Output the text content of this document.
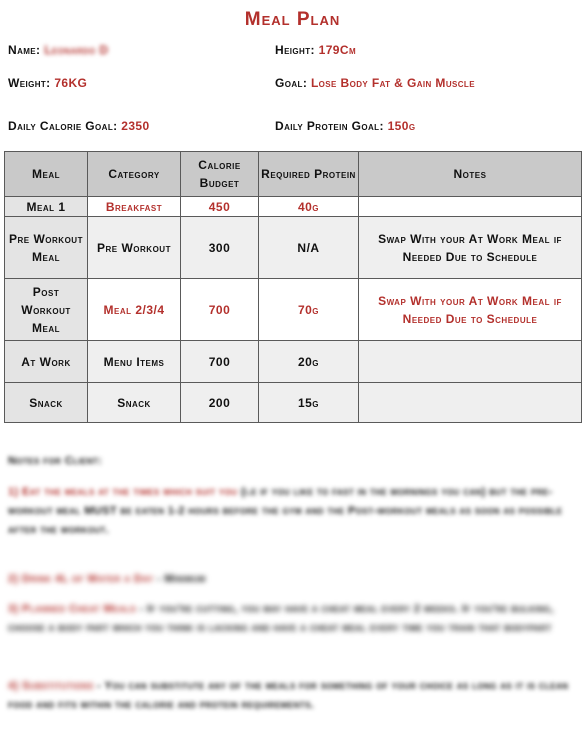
Meal Plan
Name: Leonardo D	Height: 179Cm
Weight: 76KG	Goal: Lose Body Fat & Gain Muscle
Daily Calorie Goal: 2350	Daily Protein Goal: 150g
Meal	Category	Calorie Budget	Required Protein	Notes
Meal 1	Breakfast	450	40g	
Pre Workout Meal	Pre Workout	300	N/A	Swap With your At Work Meal if Needed Due to Schedule
Post Workout Meal	Meal 2/3/4	700	70g	Swap With your At Work Meal if Needed Due to Schedule
At Work	Menu Items	700	20g	
Snack	Snack	200	15g	
Notes for Client:
1) Eat the meals at the times which suit you (i.e if you like to fast in the mornings you can) but the pre-workout meal MUST be eaten 1-2 hours before the gym and the Post-workout meals as soon as possible after the workout.
2) Drink 4L of Water a Day - Minimum
3) Planned Cheat Meals - If you're cutting, you may have a cheat meal every 2 weeks. If you're bulking, choose a body part which you think is lacking and have a cheat meal every time you train that bodypart
4) Substitutions - You can substitute any of the meals for something of your choice as long as it is clean food and fits within the calorie and protein requirements.
